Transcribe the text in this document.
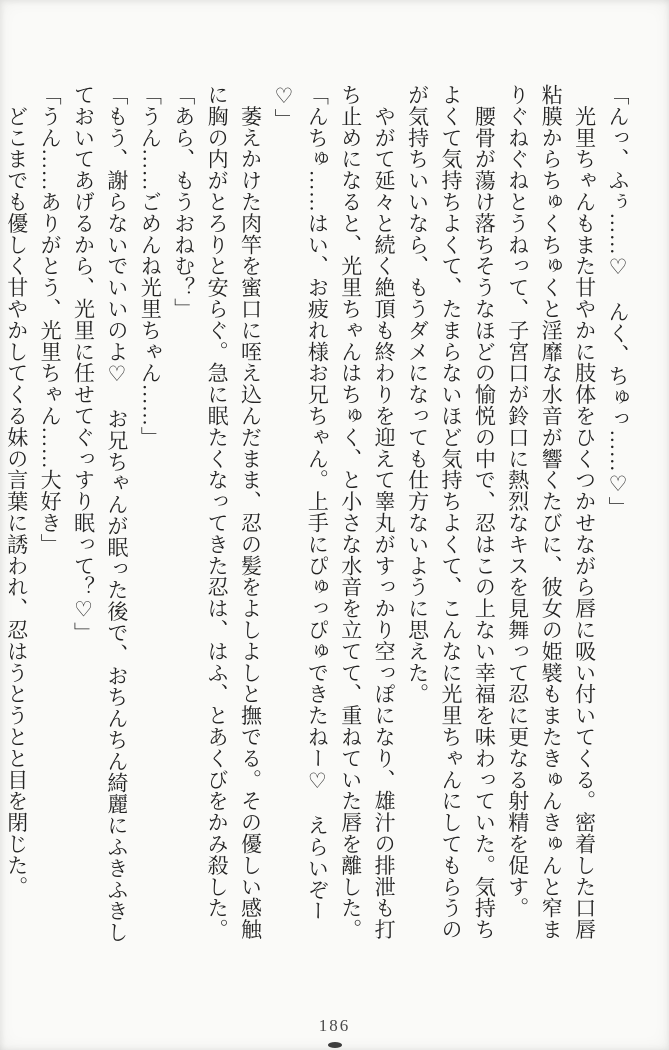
「んっ、ふぅ……♡　んく、ちゅっ……♡」
　光里ちゃんもまた甘やかに肢体をひくつかせながら唇に吸い付いてくる。密着した口唇
粘膜からちゅくちゅくと淫靡な水音が響くたびに、彼女の姫襞もまたきゅんきゅんと窄ま
りぐねぐねとうねって、子宮口が鈴口に熱烈なキスを見舞って忍に更なる射精を促す。
　腰骨が蕩け落ちそうなほどの愉悦の中で、忍はこの上ない幸福を味わっていた。気持ち
よくて気持ちよくて、たまらないほど気持ちよくて、こんなに光里ちゃんにしてもらうの
が気持ちいいなら、もうダメになっても仕方ないように思えた。
　やがて延々と続く絶頂も終わりを迎えて睾丸がすっかり空っぽになり、雄汁の排泄も打
ち止めになると、光里ちゃんはちゅく、と小さな水音を立てて、重ねていた唇を離した。
「んちゅ……はい、お疲れ様お兄ちゃん。上手にぴゅっぴゅできたねー♡　えらいぞー♡」
　萎えかけた肉竿を蜜口に咥え込んだまま、忍の髪をよしよしと撫でる。その優しい感触
に胸の内がとろりと安らぐ。急に眠たくなってきた忍は、はふ、とあくびをかみ殺した。
「あら、もうおねむ？」
「うん……ごめんね光里ちゃん……」
「もう、謝らないでいいのよ♡　お兄ちゃんが眠った後で、おちんちん綺麗にふきふきし
ておいてあげるから、光里に任せてぐっすり眠って？♡」
「うん……ありがとう、光里ちゃん……大好き」
　どこまでも優しく甘やかしてくる妹の言葉に誘われ、忍はうとうとと目を閉じた。
186
